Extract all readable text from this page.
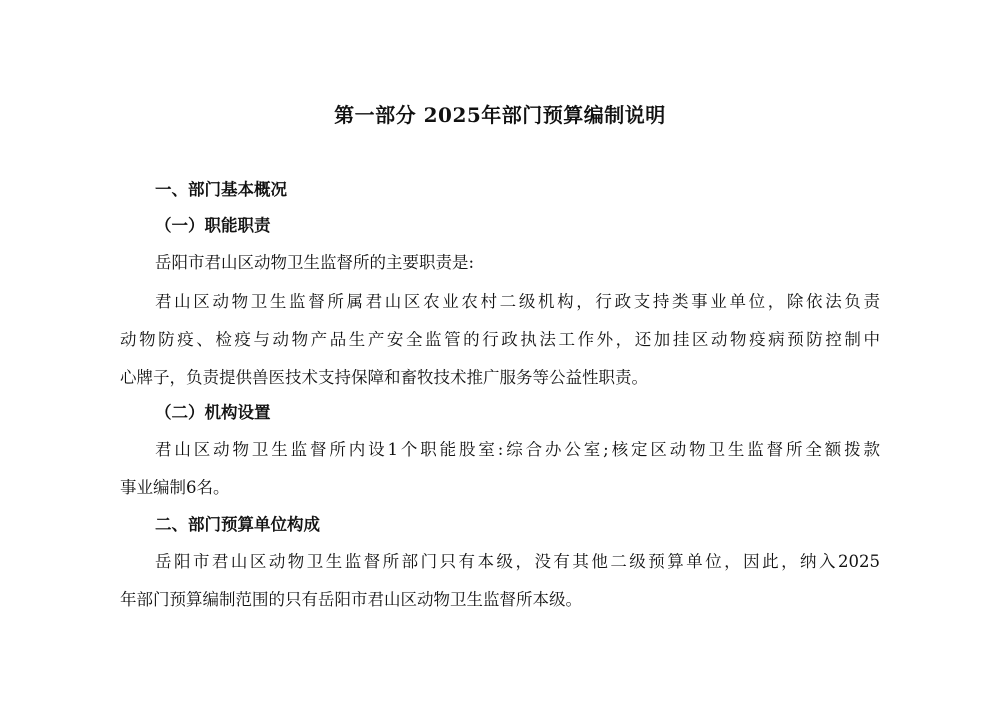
第一部分 2025年部门预算编制说明
一、部门基本概况
（一）职能职责
岳阳市君山区动物卫生监督所的主要职责是:
君山区动物卫生监督所属君山区农业农村二级机构，行政支持类事业单位，除依法负责
动物防疫、检疫与动物产品生产安全监管的行政执法工作外，还加挂区动物疫病预防控制中
心牌子，负责提供兽医技术支持保障和畜牧技术推广服务等公益性职责。
（二）机构设置
君山区动物卫生监督所内设1个职能股室:综合办公室;核定区动物卫生监督所全额拨款
事业编制6名。
二、部门预算单位构成
岳阳市君山区动物卫生监督所部门只有本级，没有其他二级预算单位，因此，纳入2025
年部门预算编制范围的只有岳阳市君山区动物卫生监督所本级。
